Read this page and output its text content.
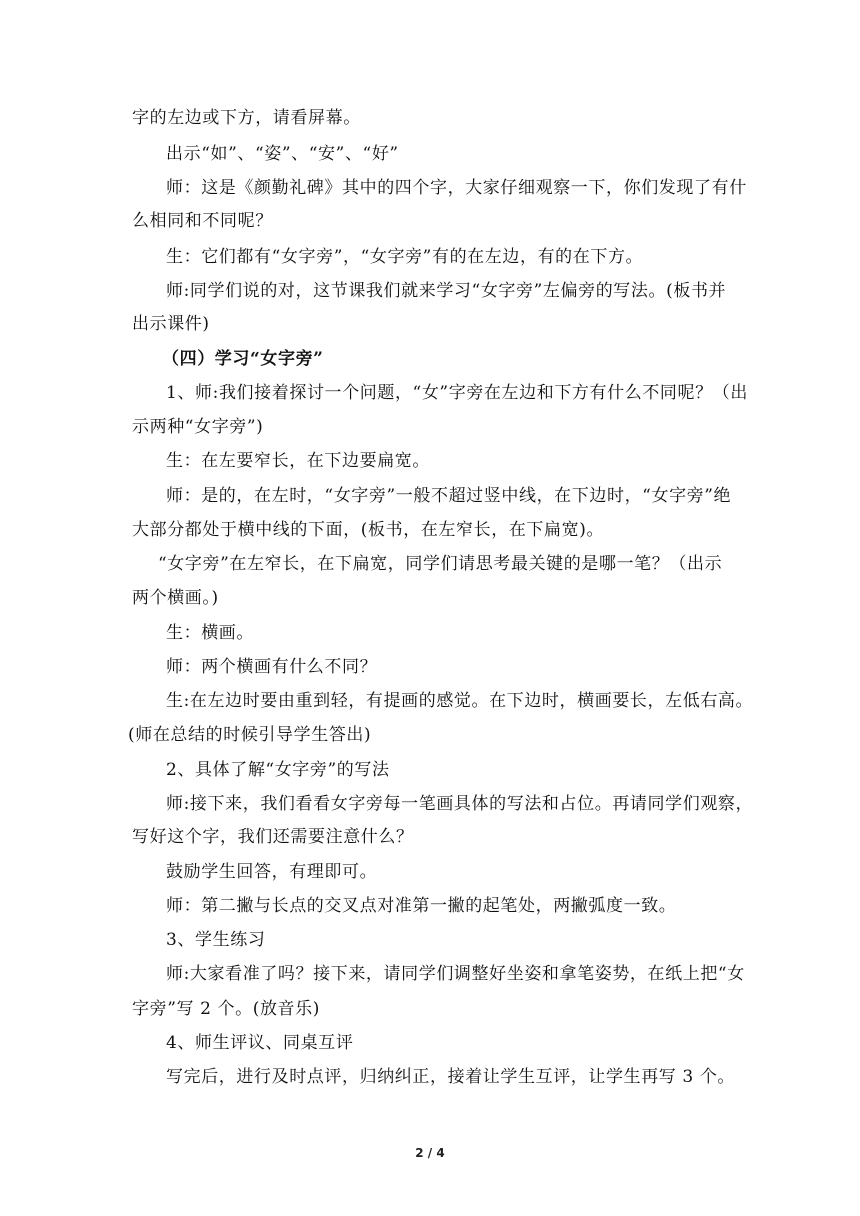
字的左边或下方，请看屏幕。
出示“如”、“姿”、“安”、“好”
师：这是《颜勤礼碑》其中的四个字，大家仔细观察一下，你们发现了有什
么相同和不同呢？
生：它们都有“女字旁”，“女字旁”有的在左边，有的在下方。
师:同学们说的对，这节课我们就来学习“女字旁”左偏旁的写法。(板书并
出示课件)
（四）学习“女字旁”
1、师:我们接着探讨一个问题，“女”字旁在左边和下方有什么不同呢？（出
示两种“女字旁”)
生：在左要窄长，在下边要扁宽。
师：是的，在左时，“女字旁”一般不超过竖中线，在下边时，“女字旁”绝
大部分都处于横中线的下面，(板书，在左窄长，在下扁宽)。
“女字旁”在左窄长，在下扁宽，同学们请思考最关键的是哪一笔？（出示
两个横画。)
生：横画。
师：两个横画有什么不同？
生:在左边时要由重到轻，有提画的感觉。在下边时，横画要长，左低右高。
(师在总结的时候引导学生答出)
2、具体了解“女字旁”的写法
师:接下来，我们看看女字旁每一笔画具体的写法和占位。再请同学们观察，
写好这个字，我们还需要注意什么？
鼓励学生回答，有理即可。
师：第二撇与长点的交叉点对准第一撇的起笔处，两撇弧度一致。
3、学生练习
师:大家看准了吗？接下来，请同学们调整好坐姿和拿笔姿势，在纸上把“女
字旁”写 2 个。(放音乐)
4、师生评议、同桌互评
写完后，进行及时点评，归纳纠正，接着让学生互评，让学生再写 3 个。
2 / 4
